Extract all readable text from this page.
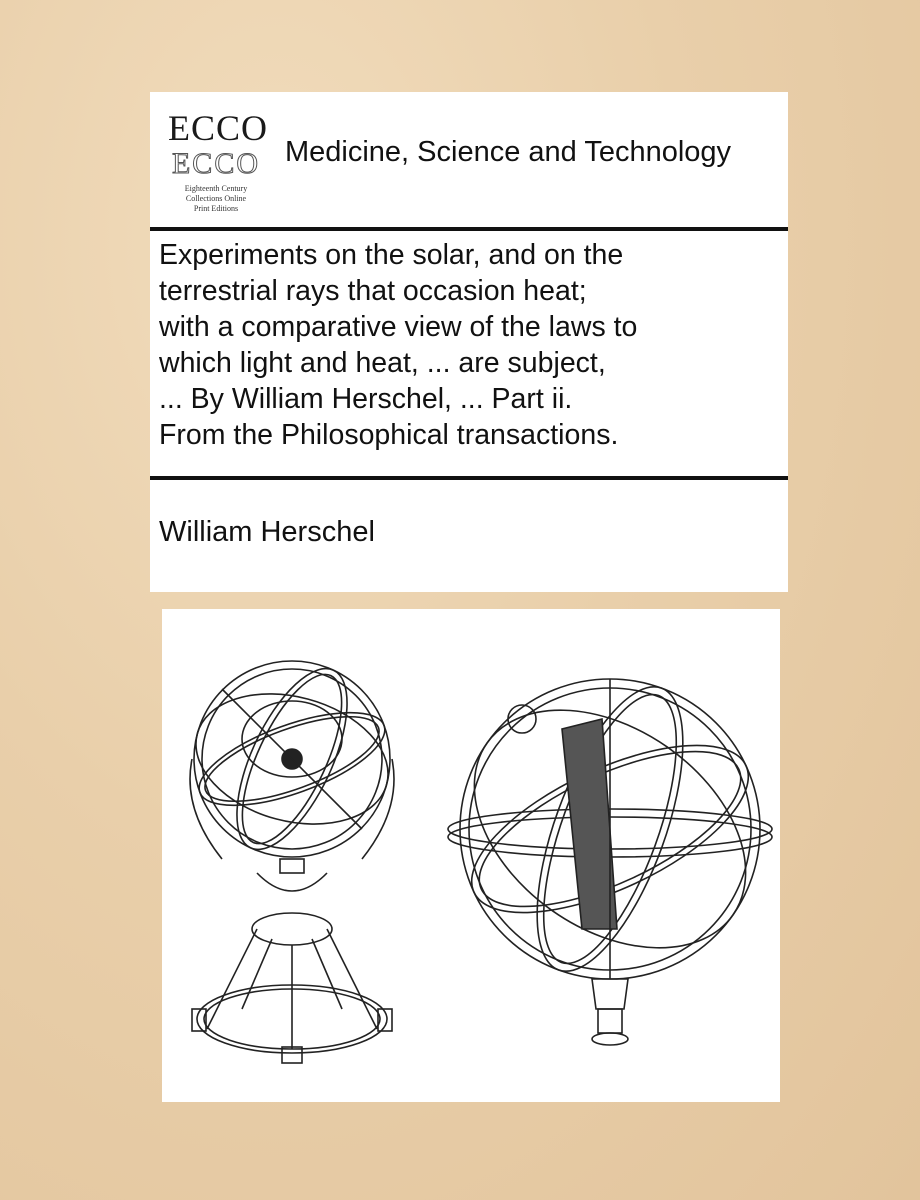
ECCO
ECCO
Eighteenth Century
Collections Online
Print Editions
Medicine, Science and Technology
Experiments on the solar, and on the
terrestrial rays that occasion heat;
with a comparative view of the laws to
which light and heat, ... are subject,
... By William Herschel, ... Part ii.
From the Philosophical transactions.
William Herschel
